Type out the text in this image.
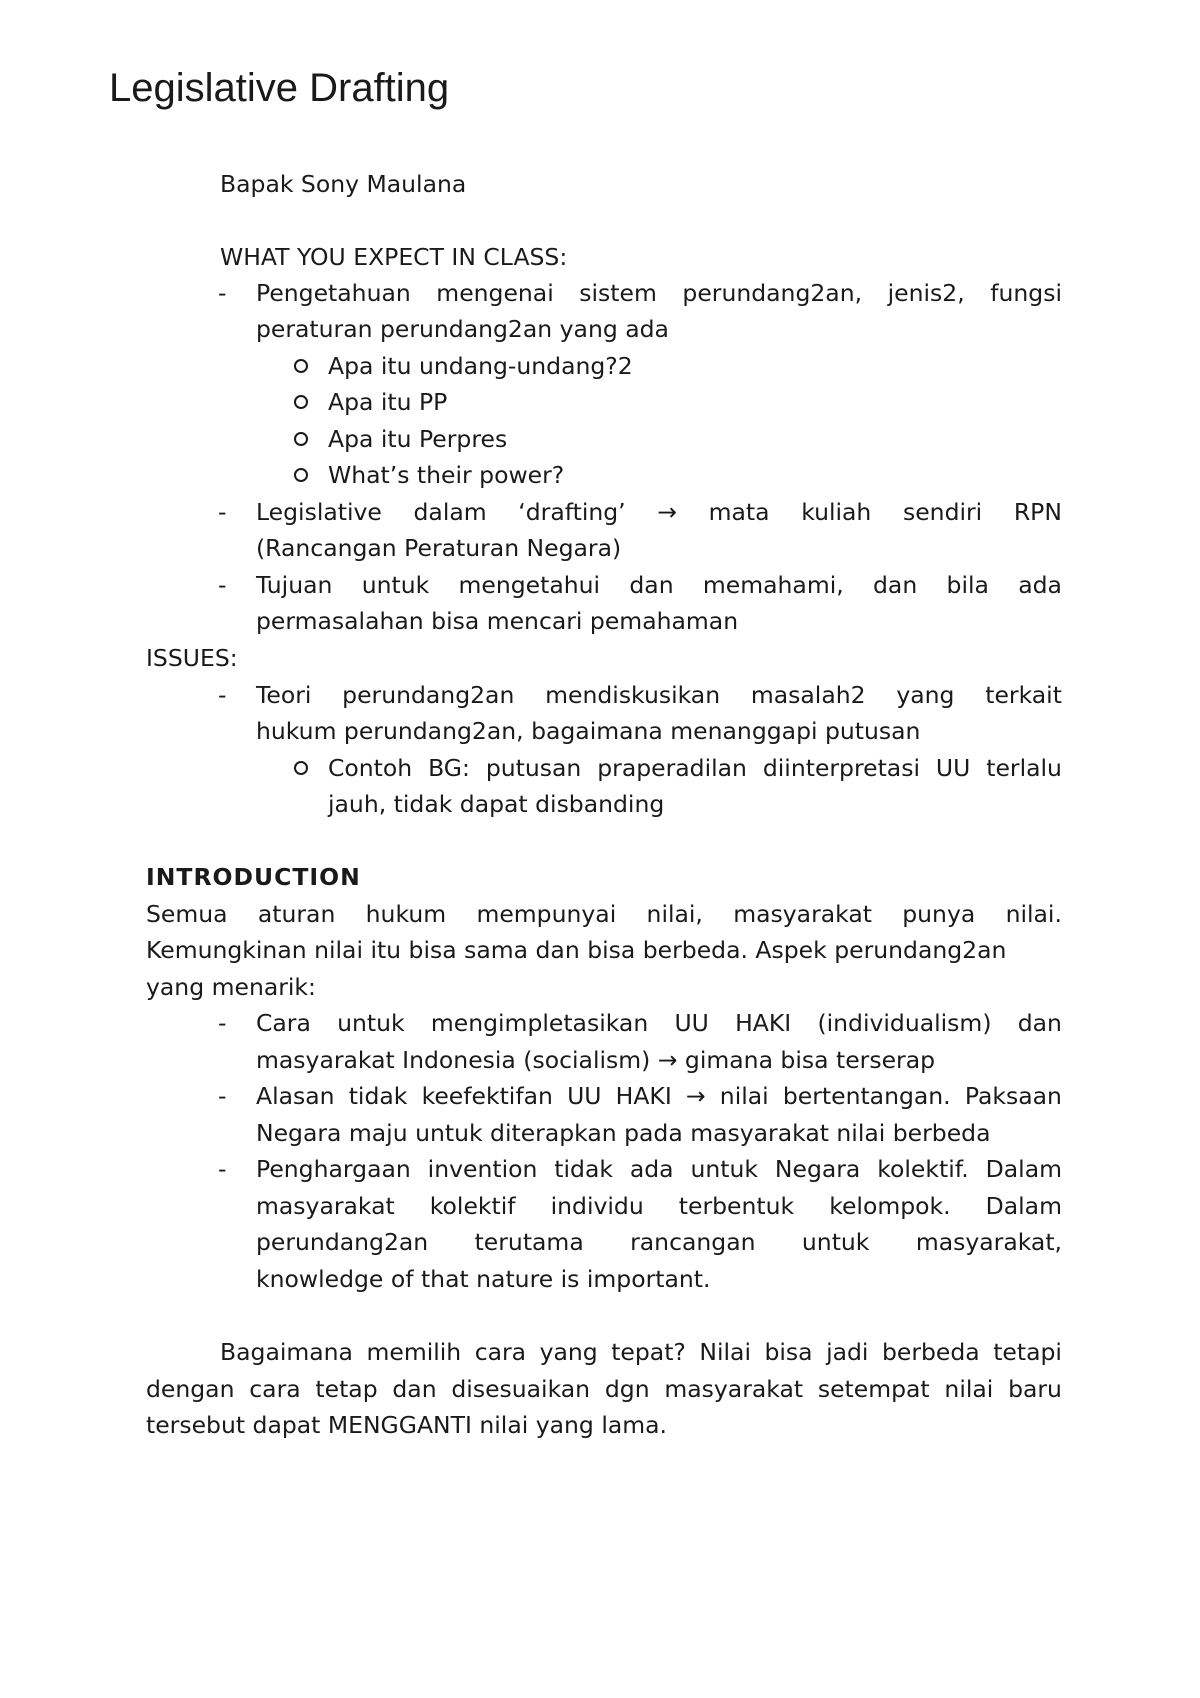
Legislative Drafting
Bapak Sony Maulana
WHAT YOU EXPECT IN CLASS:
- Pengetahuan mengenai sistem perundang2an, jenis2, fungsi
peraturan perundang2an yang ada
Apa itu undang-undang?2
Apa itu PP
Apa itu Perpres
What’s their power?
- Legislative dalam ‘drafting’ → mata kuliah sendiri RPN
(Rancangan Peraturan Negara)
- Tujuan untuk mengetahui dan memahami, dan bila ada
permasalahan bisa mencari pemahaman
ISSUES:
- Teori perundang2an mendiskusikan masalah2 yang terkait
hukum perundang2an, bagaimana menanggapi putusan
Contoh BG: putusan praperadilan diinterpretasi UU terlalu
jauh, tidak dapat disbanding
INTRODUCTION
Semua aturan hukum mempunyai nilai, masyarakat punya nilai.
Kemungkinan nilai itu bisa sama dan bisa berbeda. Aspek perundang2an
yang menarik:
- Cara untuk mengimpletasikan UU HAKI (individualism) dan
masyarakat Indonesia (socialism) → gimana bisa terserap
- Alasan tidak keefektifan UU HAKI → nilai bertentangan. Paksaan
Negara maju untuk diterapkan pada masyarakat nilai berbeda
- Penghargaan invention tidak ada untuk Negara kolektif. Dalam
masyarakat kolektif individu terbentuk kelompok. Dalam
perundang2an terutama rancangan untuk masyarakat,
knowledge of that nature is important.
Bagaimana memilih cara yang tepat? Nilai bisa jadi berbeda tetapi
dengan cara tetap dan disesuaikan dgn masyarakat setempat nilai baru
tersebut dapat MENGGANTI nilai yang lama.
